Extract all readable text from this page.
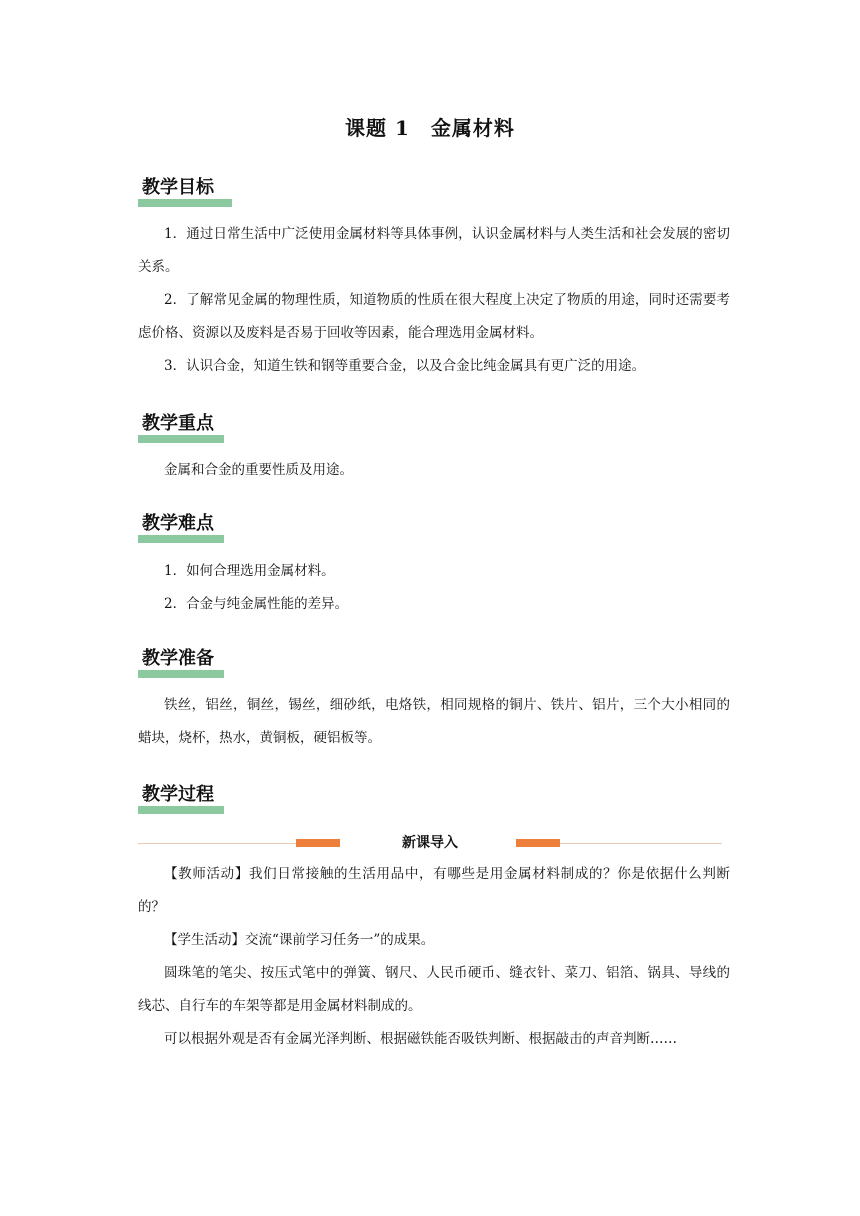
课题 1　金属材料
教学目标
1．通过日常生活中广泛使用金属材料等具体事例，认识金属材料与人类生活和社会发展的密切关系。
2．了解常见金属的物理性质，知道物质的性质在很大程度上决定了物质的用途，同时还需要考虑价格、资源以及废料是否易于回收等因素，能合理选用金属材料。
3．认识合金，知道生铁和钢等重要合金，以及合金比纯金属具有更广泛的用途。
教学重点
金属和合金的重要性质及用途。
教学难点
1．如何合理选用金属材料。
2．合金与纯金属性能的差异。
教学准备
铁丝，铝丝，铜丝，锡丝，细砂纸，电烙铁，相同规格的铜片、铁片、铝片，三个大小相同的蜡块，烧杯，热水，黄铜板，硬铝板等。
教学过程
新课导入
【教师活动】我们日常接触的生活用品中，有哪些是用金属材料制成的？你是依据什么判断的？
【学生活动】交流“课前学习任务一”的成果。
圆珠笔的笔尖、按压式笔中的弹簧、钢尺、人民币硬币、缝衣针、菜刀、铝箔、锅具、导线的线芯、自行车的车架等都是用金属材料制成的。
可以根据外观是否有金属光泽判断、根据磁铁能否吸铁判断、根据敲击的声音判断……
